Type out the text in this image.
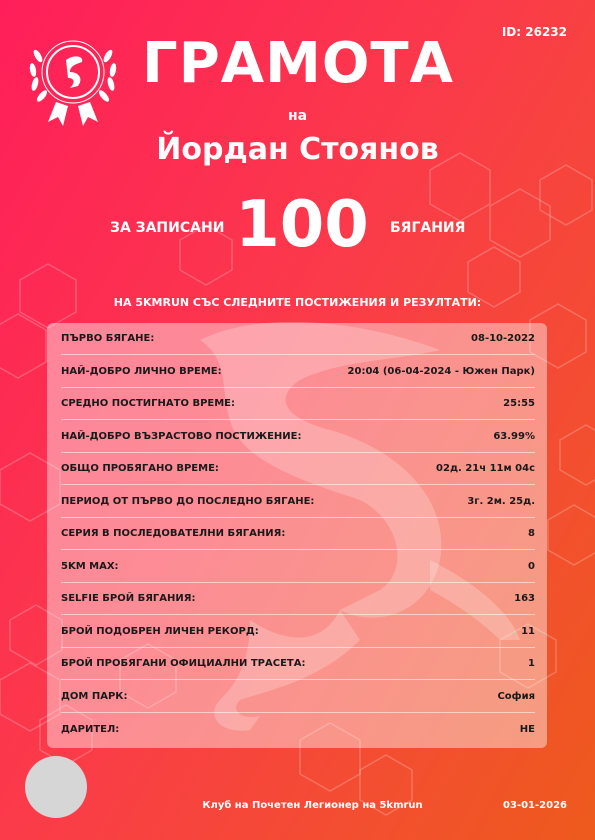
ID: 26232
ГРАМОТА
на
Йордан Стоянов
ЗА ЗАПИСАНИ 100	БЯГАНИЯ
НА 5KMRUN СЪС СЛЕДНИТЕ ПОСТИЖЕНИЯ И РЕЗУЛТАТИ:
ПЪРВО БЯГАНЕ:	08-10-2022
НАЙ-ДОБРО ЛИЧНО ВРЕМЕ:	20:04 (06-04-2024 - Южен Парк)
СРЕДНО ПОСТИГНАТО ВРЕМЕ:	25:55
НАЙ-ДОБРО ВЪЗРАСТОВО ПОСТИЖЕНИЕ:	63.99%
ОБЩО ПРОБЯГАНО ВРЕМЕ:	02д. 21ч 11м 04с
ПЕРИОД ОТ ПЪРВО ДО ПОСЛЕДНО БЯГАНЕ:	3г. 2м. 25д.
СЕРИЯ В ПОСЛЕДОВАТЕЛНИ БЯГАНИЯ:	8
5KM MAX:	0
SELFIE БРОЙ БЯГАНИЯ:	163
БРОЙ ПОДОБРЕН ЛИЧЕН РЕКОРД:	11
БРОЙ ПРОБЯГАНИ ОФИЦИАЛНИ ТРАСЕТА:	1
ДОМ ПАРК:	София
ДАРИТЕЛ:	НЕ
Клуб на Почетен Легионер на 5kmrun	03-01-2026
